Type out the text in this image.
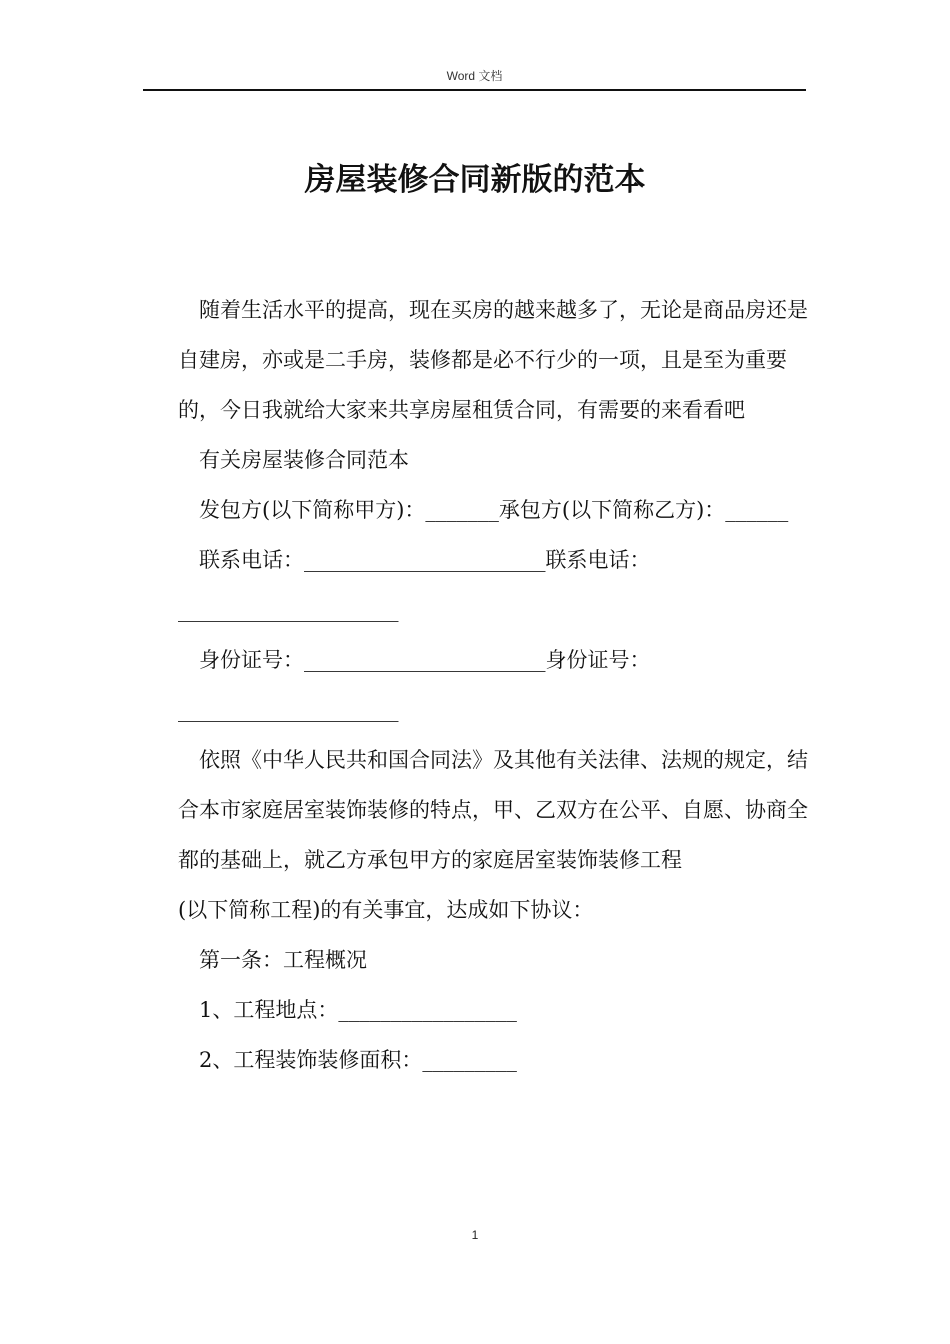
Word 文档
房屋装修合同新版的范本

随着生活水平的提高，现在买房的越来越多了，无论是商品房还是自建房，亦或是二手房，装修都是必不行少的一项，且是至为重要的，今日我就给大家来共享房屋租赁合同，有需要的来看看吧

有关房屋装修合同范本

发包方(以下简称甲方)：_______承包方(以下简称乙方)：______

联系电话：_______________________联系电话：_____________________

身份证号：_______________________身份证号：_____________________

依照《中华人民共和国合同法》及其他有关法律、法规的规定，结合本市家庭居室装饰装修的特点，甲、乙双方在公平、自愿、协商全都的基础上，就乙方承包甲方的家庭居室装饰装修工程

(以下简称工程)的有关事宜，达成如下协议：

第一条：工程概况

1、工程地点：_________________

2、工程装饰装修面积：_________

1
